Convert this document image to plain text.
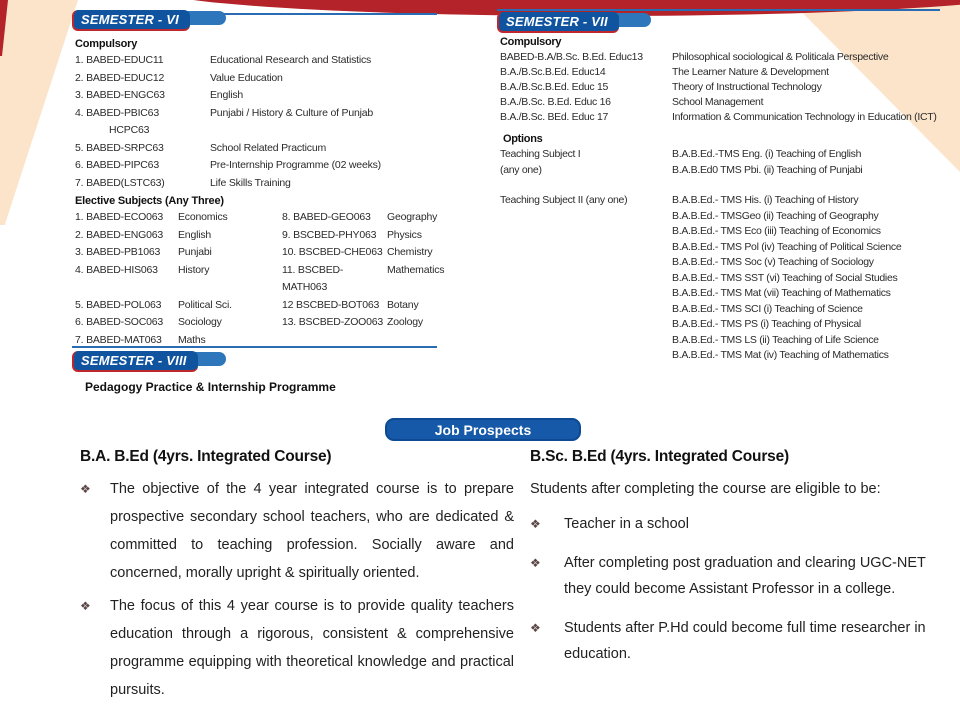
SEMESTER - VI
Compulsory
1. BABED-EDUC11	Educational Research and Statistics
2. BABED-EDUC12	Value Education
3. BABED-ENGC63	English
4. BABED-PBIC63	Punjabi / History & Culture of Punjab
HCPC63
5. BABED-SRPC63	School Related Practicum
6. BABED-PIPC63	Pre-Internship Programme (02 weeks)
7. BABED(LSTC63)	Life Skills Training
Elective Subjects (Any Three)
1. BABED-ECO063	Economics	8. BABED-GEO063	Geography
2. BABED-ENG063	English	9. BSCBED-PHY063	Physics
3. BABED-PB1063	Punjabi	10. BSCBED-CHE063 Chemistry
4. BABED-HIS063	History	11. BSCBED-MATH063
Mathematics
5. BABED-POL063	Political Sci.	12 BSCBED-BOT063 Botany
6. BABED-SOC063	Sociology	13. BSCBED-ZOO063 Zoology
7. BABED-MAT063	Maths
SEMESTER - VII
Compulsory
BABED-B.A/B.Sc. B.Ed. Educ13	Philosophical sociological & Politicala Perspective
B.A./B.Sc.B.Ed. Educ14	The Learner Nature & Development
B.A./B.Sc.B.Ed. Educ 15	Theory of Instructional Technology
B.A./B.Sc. B.Ed. Educ 16	School Management
B.A./B.Sc. BEd. Educ 17	Information & Communication Technology in Education (ICT)
Options
Teaching Subject I
(any one)
B.A.B.Ed.-TMS Eng. (i) Teaching of English
B.A.B.Ed0 TMS Pbi. (ii) Teaching of Punjabi
Teaching Subject II (any one)	B.A.B.Ed.- TMS His. (i) Teaching of History
B.A.B.Ed.- TMSGeo (ii) Teaching of Geography
B.A.B.Ed.- TMS Eco (iii) Teaching of Economics
B.A.B.Ed.- TMS Pol (iv) Teaching of Political Science
B.A.B.Ed.- TMS Soc (v) Teaching of Sociology
B.A.B.Ed.- TMS SST (vi) Teaching of Social Studies
B.A.B.Ed.- TMS Mat (vii) Teaching of Mathematics
B.A.B.Ed.- TMS SCI (i) Teaching of Science
B.A.B.Ed.- TMS PS (i) Teaching of Physical
B.A.B.Ed.- TMS LS (ii) Teaching of Life Science
B.A.B.Ed.- TMS Mat (iv) Teaching of Mathematics
SEMESTER - VIII
Pedagogy Practice & Internship Programme
Job Prospects
B.A. B.Ed (4yrs. Integrated Course)
❖	The objective of the 4 year integrated course is to prepare prospective secondary school teachers, who are dedicated & committed to teaching profession. Socially aware and concerned, morally upright & spiritually oriented.

❖	The focus of this 4 year course is to provide quality teachers education through a rigorous, consistent & comprehensive programme equipping with theoretical knowledge and practical pursuits.

B.Sc. B.Ed (4yrs. Integrated Course)
Students after completing the course are eligible to be:
❖	Teacher in a school

❖	After completing post graduation and clearing UGC-NET they could become Assistant Professor in a college.

❖	Students after P.Hd could become full time researcher in education.
